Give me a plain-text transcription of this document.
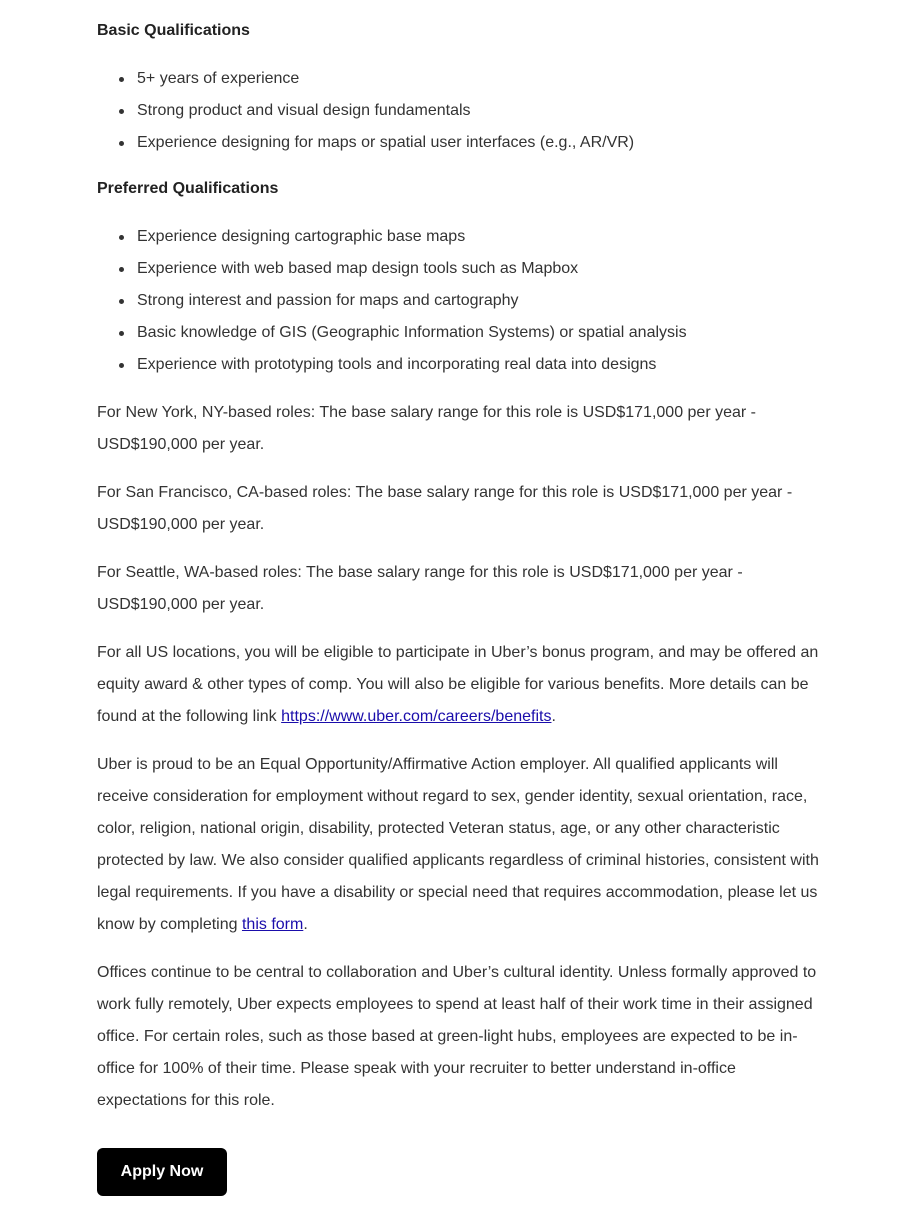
Basic Qualifications
5+ years of experience
Strong product and visual design fundamentals
Experience designing for maps or spatial user interfaces (e.g., AR/VR)
Preferred Qualifications
Experience designing cartographic base maps
Experience with web based map design tools such as Mapbox
Strong interest and passion for maps and cartography
Basic knowledge of GIS (Geographic Information Systems) or spatial analysis
Experience with prototyping tools and incorporating real data into designs

For New York, NY-based roles: The base salary range for this role is USD$171,000 per year - USD$190,000 per year.

For San Francisco, CA-based roles: The base salary range for this role is USD$171,000 per year - USD$190,000 per year.

For Seattle, WA-based roles: The base salary range for this role is USD$171,000 per year - USD$190,000 per year.

For all US locations, you will be eligible to participate in Uber’s bonus program, and may be offered an equity award & other types of comp. You will also be eligible for various benefits. More details can be found at the following link https://www.uber.com/careers/benefits.

Uber is proud to be an Equal Opportunity/Affirmative Action employer. All qualified applicants will receive consideration for employment without regard to sex, gender identity, sexual orientation, race, color, religion, national origin, disability, protected Veteran status, age, or any other characteristic protected by law. We also consider qualified applicants regardless of criminal histories, consistent with legal requirements. If you have a disability or special need that requires accommodation, please let us know by completing this form.

Offices continue to be central to collaboration and Uber’s cultural identity. Unless formally approved to work fully remotely, Uber expects employees to spend at least half of their work time in their assigned office. For certain roles, such as those based at green-light hubs, employees are expected to be in-office for 100% of their time. Please speak with your recruiter to better understand in-office expectations for this role.

Apply Now
